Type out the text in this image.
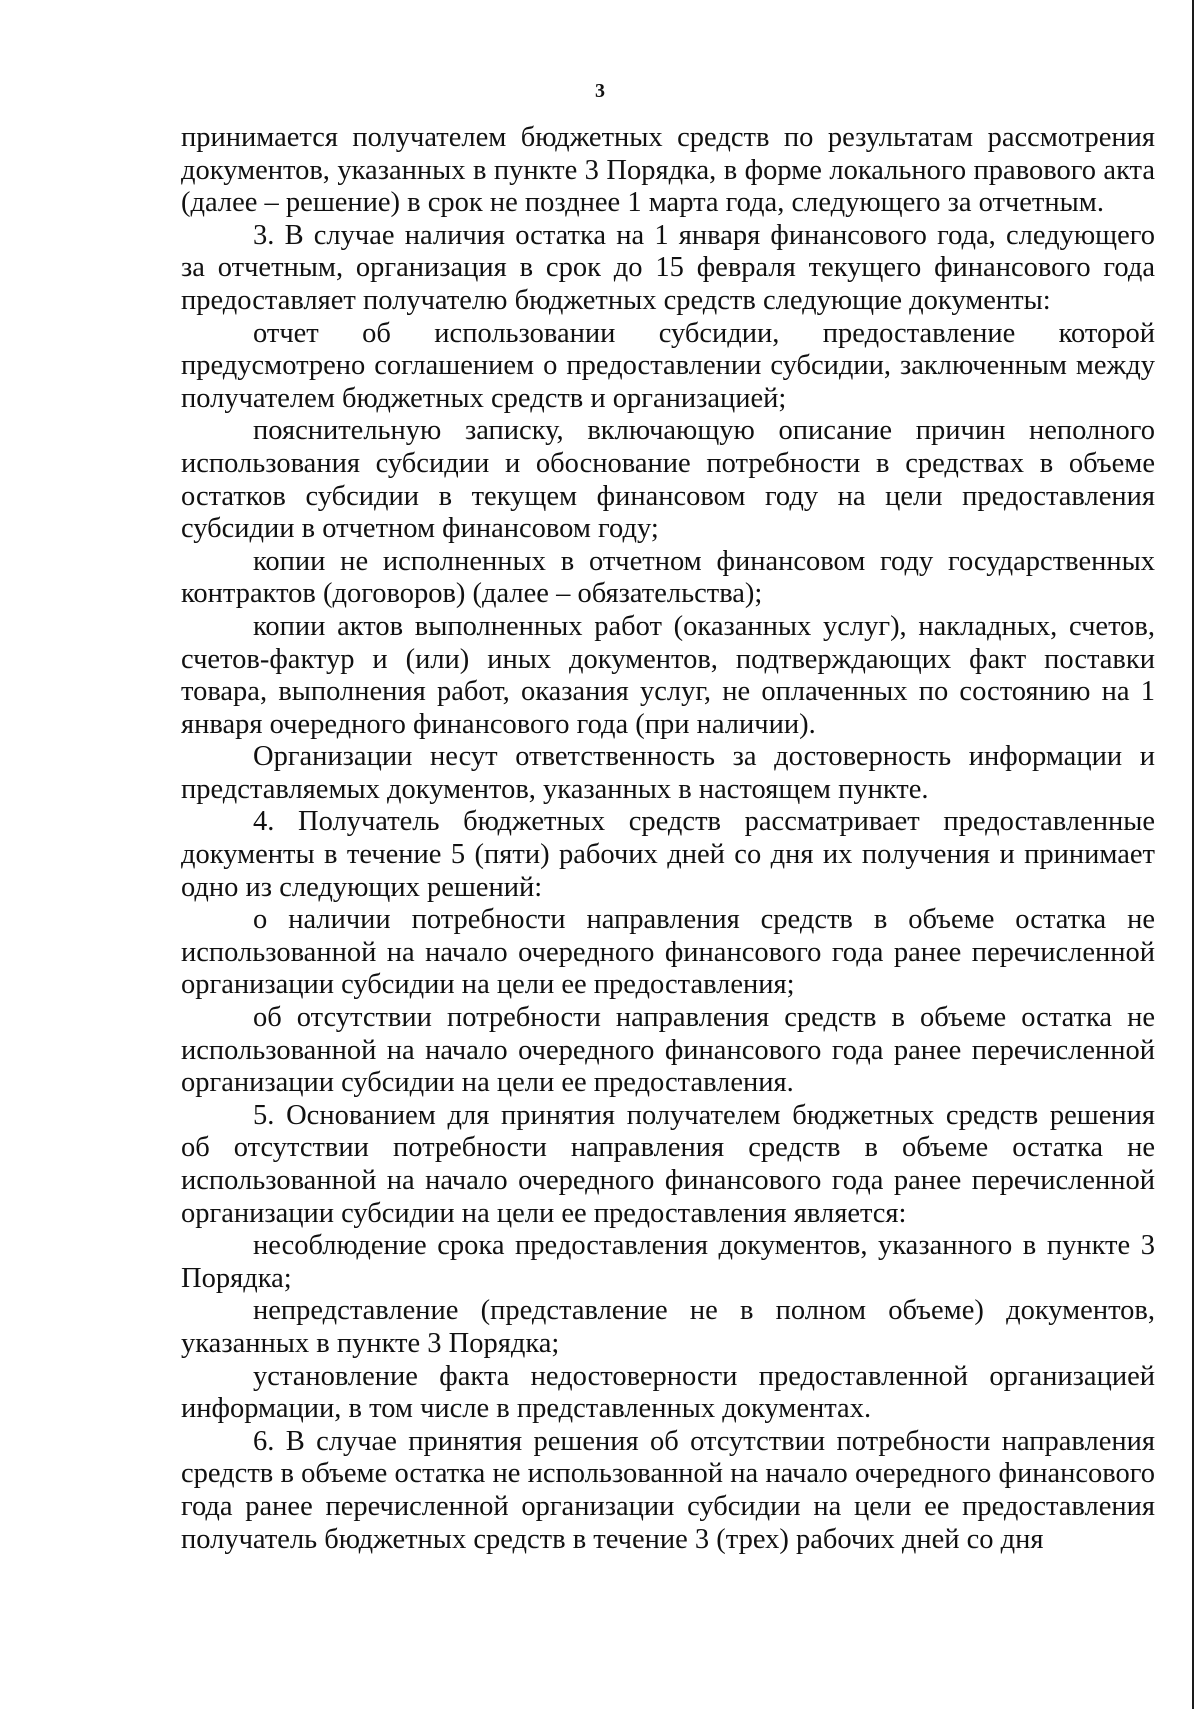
3

принимается получателем бюджетных средств по результатам рассмотрения документов, указанных в пункте 3 Порядка, в форме локального правового акта (далее – решение) в срок не позднее 1 марта года, следующего за отчетным.

3. В случае наличия остатка на 1 января финансового года, следующего за отчетным, организация в срок до 15 февраля текущего финансового года предоставляет получателю бюджетных средств следующие документы:

отчет об использовании субсидии, предоставление которой предусмотрено соглашением о предоставлении субсидии, заключенным между получателем бюджетных средств и организацией;

пояснительную записку, включающую описание причин неполного использования субсидии и обоснование потребности в средствах в объеме остатков субсидии в текущем финансовом году на цели предоставления субсидии в отчетном финансовом году;

копии не исполненных в отчетном финансовом году государственных контрактов (договоров) (далее – обязательства);

копии актов выполненных работ (оказанных услуг), накладных, счетов, счетов-фактур и (или) иных документов, подтверждающих факт поставки товара, выполнения работ, оказания услуг, не оплаченных по состоянию на 1 января очередного финансового года (при наличии).

Организации несут ответственность за достоверность информации и представляемых документов, указанных в настоящем пункте.

4. Получатель бюджетных средств рассматривает предоставленные документы в течение 5 (пяти) рабочих дней со дня их получения и принимает одно из следующих решений:

о наличии потребности направления средств в объеме остатка не использованной на начало очередного финансового года ранее перечисленной организации субсидии на цели ее предоставления;

об отсутствии потребности направления средств в объеме остатка не использованной на начало очередного финансового года ранее перечисленной организации субсидии на цели ее предоставления.

5. Основанием для принятия получателем бюджетных средств решения об отсутствии потребности направления средств в объеме остатка не использованной на начало очередного финансового года ранее перечисленной организации субсидии на цели ее предоставления является:

несоблюдение срока предоставления документов, указанного в пункте 3 Порядка;

непредставление (представление не в полном объеме) документов, указанных в пункте 3 Порядка;

установление факта недостоверности предоставленной организацией информации, в том числе в представленных документах.

6. В случае принятия решения об отсутствии потребности направления средств в объеме остатка не использованной на начало очередного финансового года ранее перечисленной организации субсидии на цели ее предоставления получатель бюджетных средств в течение 3 (трех) рабочих дней со дня
